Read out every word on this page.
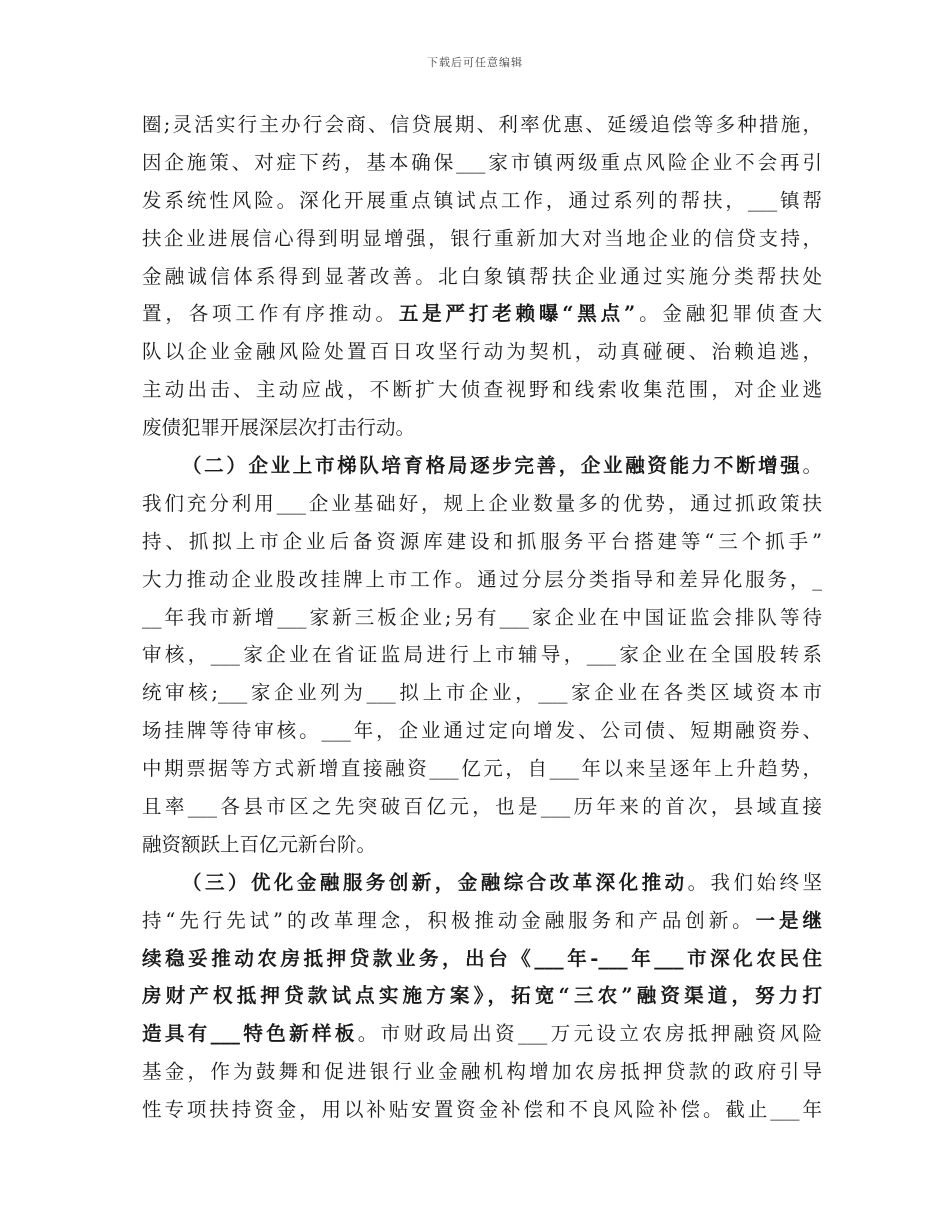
下载后可任意编辑
圈;灵活实行主办行会商、信贷展期、利率优惠、延缓追偿等多种措施，
因企施策、对症下药，基本确保___家市镇两级重点风险企业不会再引
发系统性风险。深化开展重点镇试点工作，通过系列的帮扶，___镇帮
扶企业进展信心得到明显增强，银行重新加大对当地企业的信贷支持，
金融诚信体系得到显著改善。北白象镇帮扶企业通过实施分类帮扶处
置，各项工作有序推动。五是严打老赖曝“黑点”。金融犯罪侦查大
队以企业金融风险处置百日攻坚行动为契机，动真碰硬、治赖追逃，
主动出击、主动应战，不断扩大侦查视野和线索收集范围，对企业逃
废债犯罪开展深层次打击行动。
（二）企业上市梯队培育格局逐步完善，企业融资能力不断增强。
我们充分利用___企业基础好，规上企业数量多的优势，通过抓政策扶
持、抓拟上市企业后备资源库建设和抓服务平台搭建等“三个抓手”
大力推动企业股改挂牌上市工作。通过分层分类指导和差异化服务，_
__年我市新增___家新三板企业;另有___家企业在中国证监会排队等待
审核，___家企业在省证监局进行上市辅导，___家企业在全国股转系
统审核;___家企业列为___拟上市企业，___家企业在各类区域资本市
场挂牌等待审核。___年，企业通过定向增发、公司债、短期融资券、
中期票据等方式新增直接融资___亿元，自___年以来呈逐年上升趋势，
且率___各县市区之先突破百亿元，也是___历年来的首次，县域直接
融资额跃上百亿元新台阶。
（三）优化金融服务创新，金融综合改革深化推动。我们始终坚
持“先行先试”的改革理念，积极推动金融服务和产品创新。一是继
续稳妥推动农房抵押贷款业务，出台《___年-___年___市深化农民住
房财产权抵押贷款试点实施方案》，拓宽“三农”融资渠道，努力打
造具有___特色新样板。市财政局出资___万元设立农房抵押融资风险
基金，作为鼓舞和促进银行业金融机构增加农房抵押贷款的政府引导
性专项扶持资金，用以补贴安置资金补偿和不良风险补偿。截止___年
